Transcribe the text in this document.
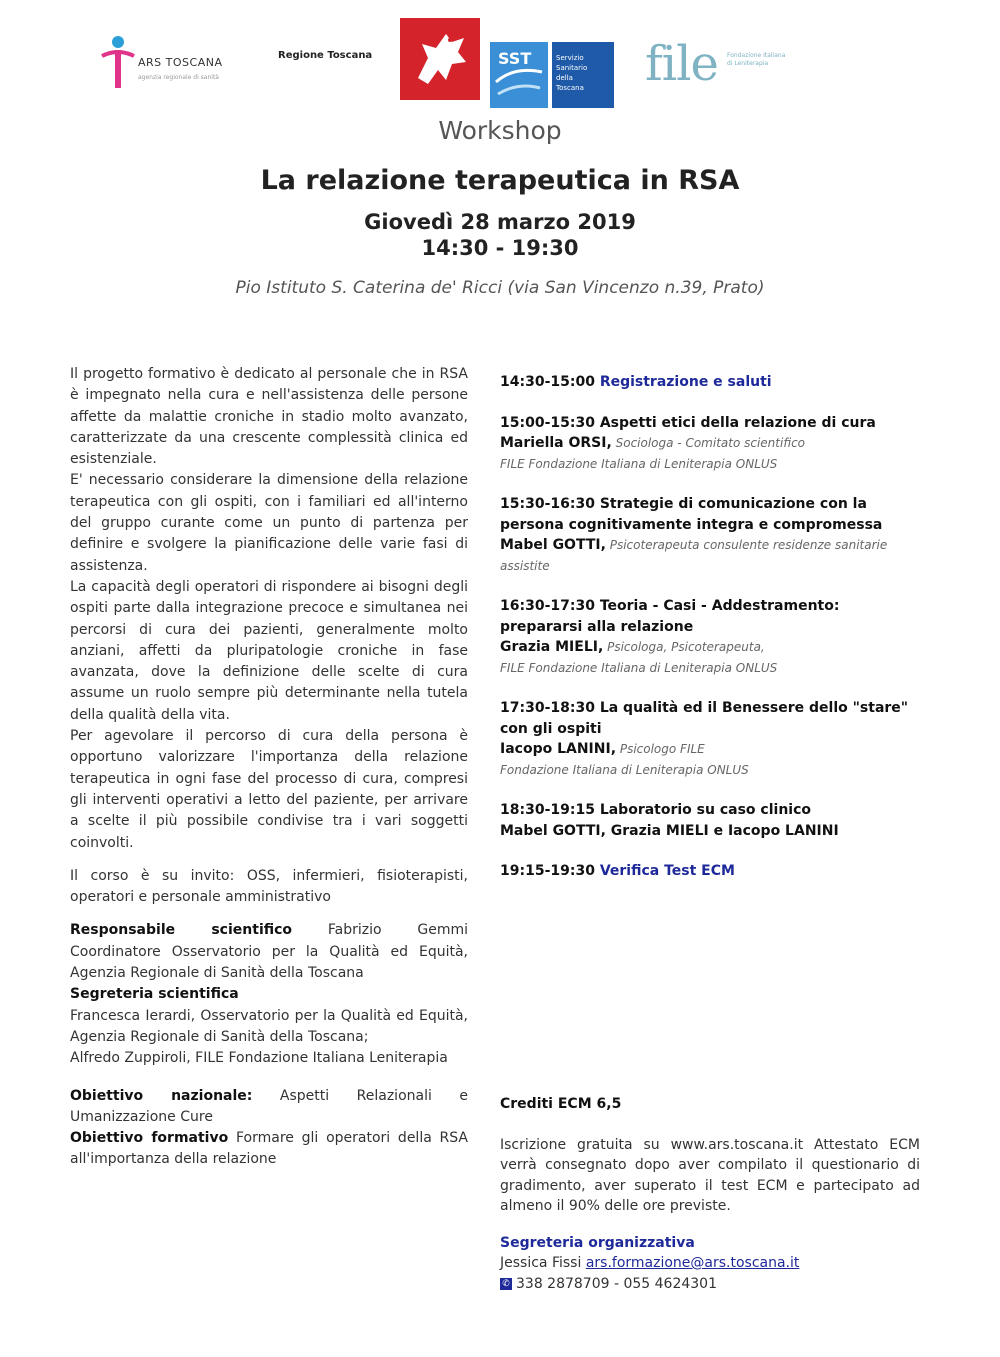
ARS TOSCANA
agenzia regionale di sanità
Regione Toscana	SST	Servizio
Sanitario
della
Toscana file Fondazione Italiana di Leniterapia
Workshop
La relazione terapeutica in RSA
Giovedì 28 marzo 2019
14:30 - 19:30
Pio Istituto S. Caterina de' Ricci (via San Vincenzo n.39, Prato)

Il progetto formativo è dedicato al personale che in RSA è impegnato nella cura e nell'assistenza delle persone affette da malattie croniche in stadio molto avanzato, caratterizzate da una crescente complessità clinica ed esistenziale.

E' necessario considerare la dimensione della relazione terapeutica con gli ospiti, con i familiari ed all'interno del gruppo curante come un punto di partenza per definire e svolgere la pianificazione delle varie fasi di assistenza.

La capacità degli operatori di rispondere ai bisogni degli ospiti parte dalla integrazione precoce e simultanea nei percorsi di cura dei pazienti, generalmente molto anziani, affetti da pluripatologie croniche in fase avanzata, dove la definizione delle scelte di cura assume un ruolo sempre più determinante nella tutela della qualità della vita.

Per agevolare il percorso di cura della persona è opportuno valorizzare l'importanza della relazione terapeutica in ogni fase del processo di cura, compresi gli interventi operativi a letto del paziente, per arrivare a scelte il più possibile condivise tra i vari soggetti coinvolti.

Il corso è su invito: OSS, infermieri, fisioterapisti, operatori e personale amministrativo

Responsabile scientifico Fabrizio Gemmi Coordinatore Osservatorio per la Qualità ed Equità, Agenzia Regionale di Sanità della Toscana

Segreteria scientifica

Francesca Ierardi, Osservatorio per la Qualità ed Equità, Agenzia Regionale di Sanità della Toscana;

Alfredo Zuppiroli, FILE Fondazione Italiana Leniterapia

Obiettivo nazionale: Aspetti Relazionali e Umanizzazione Cure

Obiettivo formativo Formare gli operatori della RSA all'importanza della relazione

14:30-15:00 Registrazione e saluti
15:00-15:30 Aspetti etici della relazione di cura
Mariella ORSI, Sociologa - Comitato scientifico
FILE Fondazione Italiana di Leniterapia ONLUS
15:30-16:30 Strategie di comunicazione con la persona cognitivamente integra e compromessa
Mabel GOTTI, Psicoterapeuta consulente residenze sanitarie assistite
16:30-17:30 Teoria - Casi - Addestramento: prepararsi alla relazione
Grazia MIELI, Psicologa, Psicoterapeuta,
FILE Fondazione Italiana di Leniterapia ONLUS
17:30-18:30 La qualità ed il Benessere dello "stare" con gli ospiti
Iacopo LANINI, Psicologo FILE
Fondazione Italiana di Leniterapia ONLUS
18:30-19:15 Laboratorio su caso clinico
Mabel GOTTI, Grazia MIELI e Iacopo LANINI
19:15-19:30 Verifica Test ECM

Crediti ECM 6,5

Iscrizione gratuita su www.ars.toscana.it Attestato ECM verrà consegnato dopo aver compilato il questionario di gradimento, aver superato il test ECM e partecipato ad almeno il 90% delle ore previste.

Segreteria organizzativa

Jessica Fissi ars.formazione@ars.toscana.it

✆ 338 2878709 - 055 4624301
